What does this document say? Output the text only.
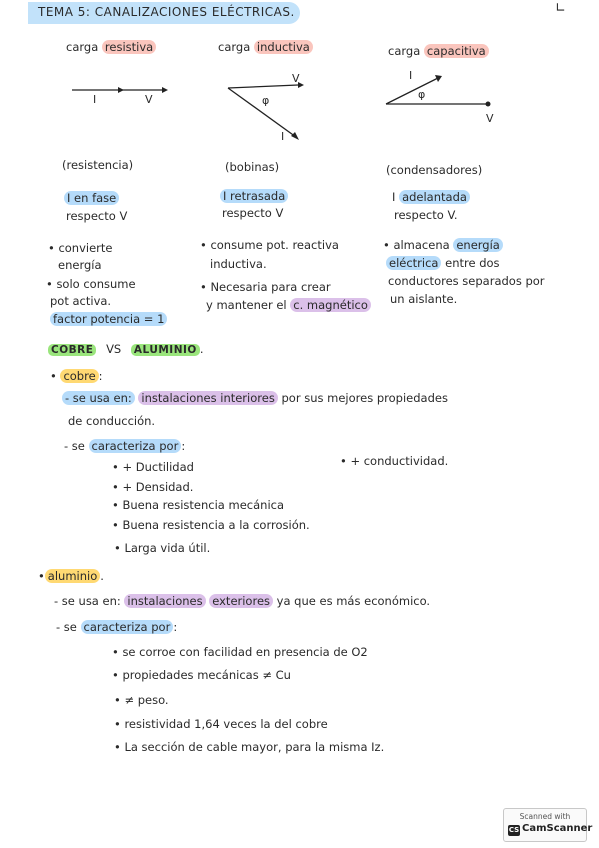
TEMA 5: CANALIZACIONES ELÉCTRICAS.	∟
carga resistiva
I	V
(resistencia)
I en fase
respecto V
• convierte
energía
• solo consume
pot activa.
factor potencia = 1
carga inductiva
V
φ
I
(bobinas)
I retrasada
respecto V
• consume pot. reactiva
inductiva.
• Necesaria para crear
y mantener el c. magnético
carga capacitiva
I
φ
V
(condensadores)
I adelantada
respecto V.
• almacena energía
eléctrica entre dos
conductores separados por
un aislante.
COBRE VS ALUMINIO .
• cobre :
- se usa en: instalaciones interiores por sus mejores propiedades
de conducción.
- se caracteriza por :
• + Ductilidad
• + Densidad.
• Buena resistencia mecánica
• Buena resistencia a la corrosión.
• Larga vida útil.
• + conductividad.
• aluminio .
- se usa en: instalaciones exteriores ya que es más económico.
- se caracteriza por :
• se corroe con facilidad en presencia de O2
• propiedades mecánicas ≠ Cu
• ≠ peso.
• resistividad 1,64 veces la del cobre
• La sección de cable mayor, para la misma Iz.
Scanned with
CS CamScanner
